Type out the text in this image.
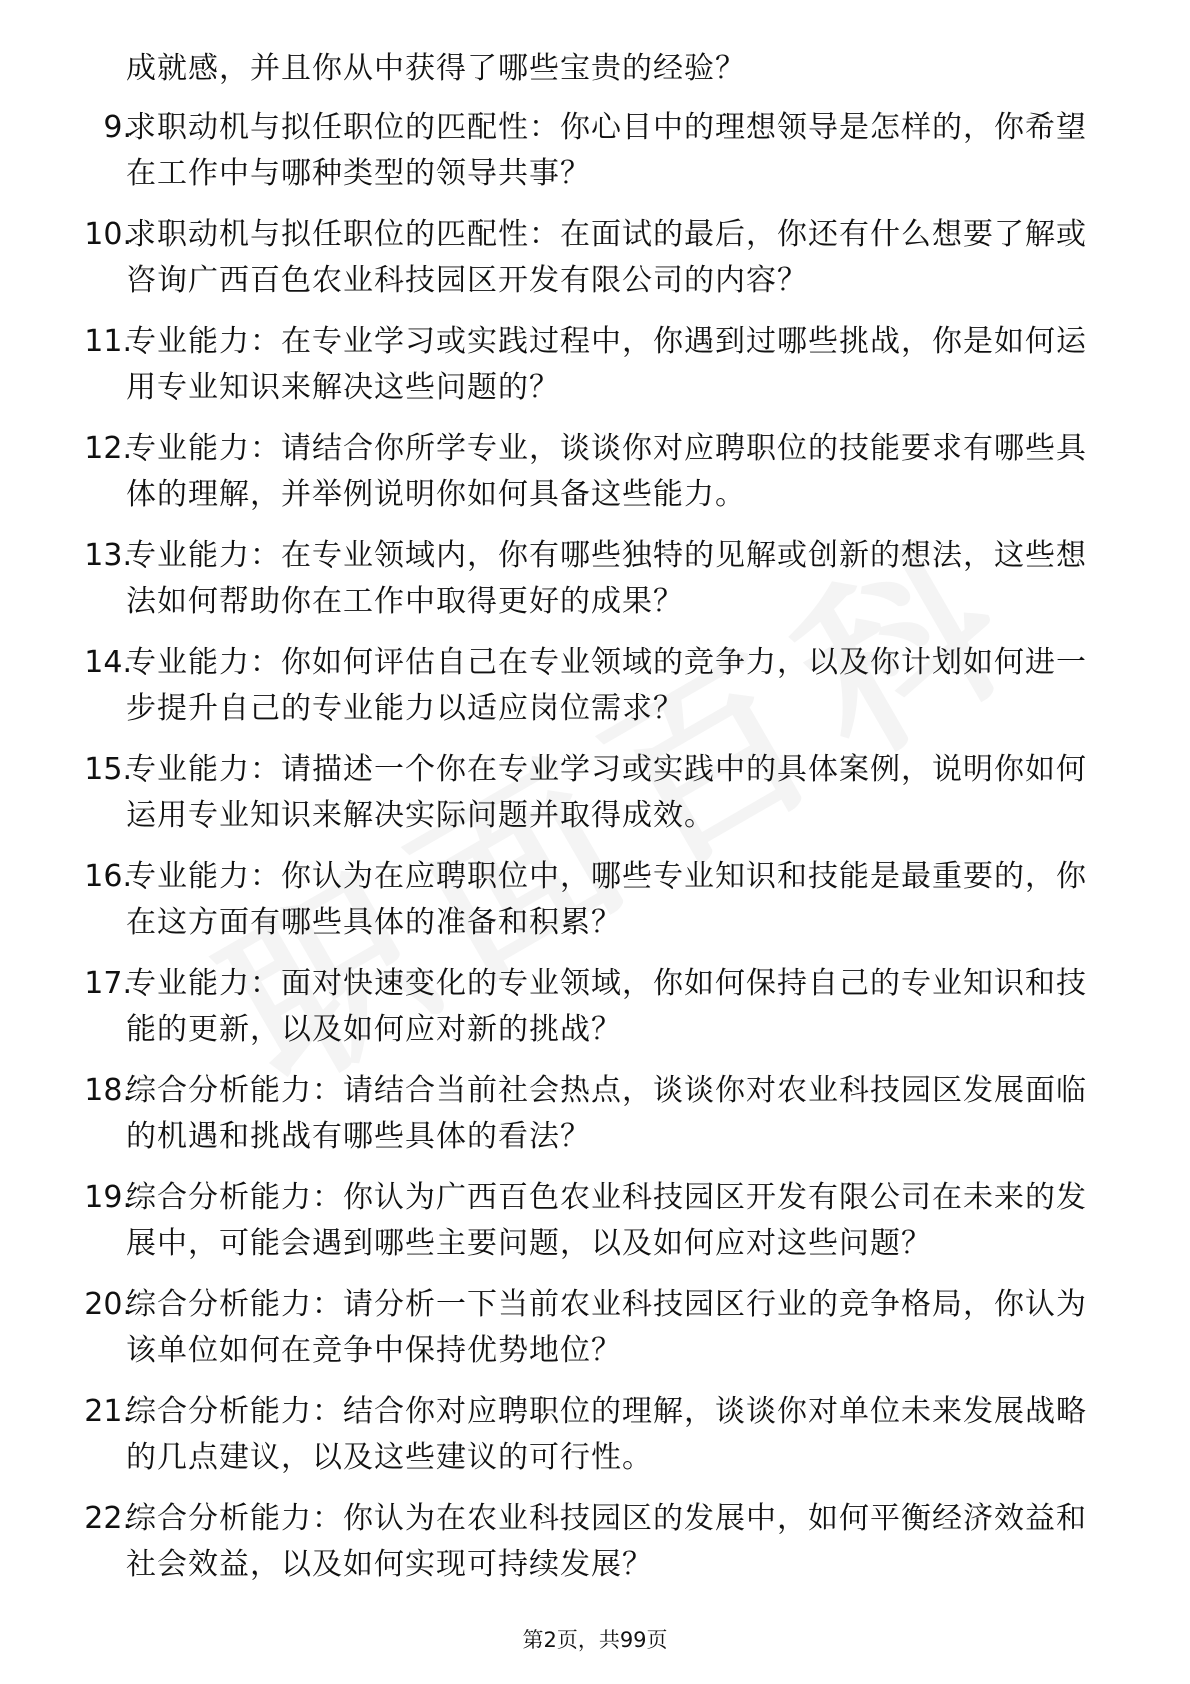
成就感，并且你从中获得了哪些宝贵的经验？
9.
求职动机与拟任职位的匹配性：你心目中的理想领导是怎样的，你希望在工作中与哪种类型的领导共事？
10.
求职动机与拟任职位的匹配性：在面试的最后，你还有什么想要了解或咨询广西百色农业科技园区开发有限公司的内容？
11.
专业能力：在专业学习或实践过程中，你遇到过哪些挑战，你是如何运用专业知识来解决这些问题的？
12.
专业能力：请结合你所学专业，谈谈你对应聘职位的技能要求有哪些具体的理解，并举例说明你如何具备这些能力。
13.
专业能力：在专业领域内，你有哪些独特的见解或创新的想法，这些想法如何帮助你在工作中取得更好的成果？
14.
专业能力：你如何评估自己在专业领域的竞争力，以及你计划如何进一步提升自己的专业能力以适应岗位需求？
15.
专业能力：请描述一个你在专业学习或实践中的具体案例，说明你如何运用专业知识来解决实际问题并取得成效。
16.
专业能力：你认为在应聘职位中，哪些专业知识和技能是最重要的，你在这方面有哪些具体的准备和积累？
17.
专业能力：面对快速变化的专业领域，你如何保持自己的专业知识和技能的更新，以及如何应对新的挑战？
18.
综合分析能力：请结合当前社会热点，谈谈你对农业科技园区发展面临的机遇和挑战有哪些具体的看法？
19.
综合分析能力：你认为广西百色农业科技园区开发有限公司在未来的发展中，可能会遇到哪些主要问题，以及如何应对这些问题？
20.
综合分析能力：请分析一下当前农业科技园区行业的竞争格局，你认为该单位如何在竞争中保持优势地位？
21.
综合分析能力：结合你对应聘职位的理解，谈谈你对单位未来发展战略的几点建议，以及这些建议的可行性。
22.
综合分析能力：你认为在农业科技园区的发展中，如何平衡经济效益和社会效益，以及如何实现可持续发展？
第2页，共99页
